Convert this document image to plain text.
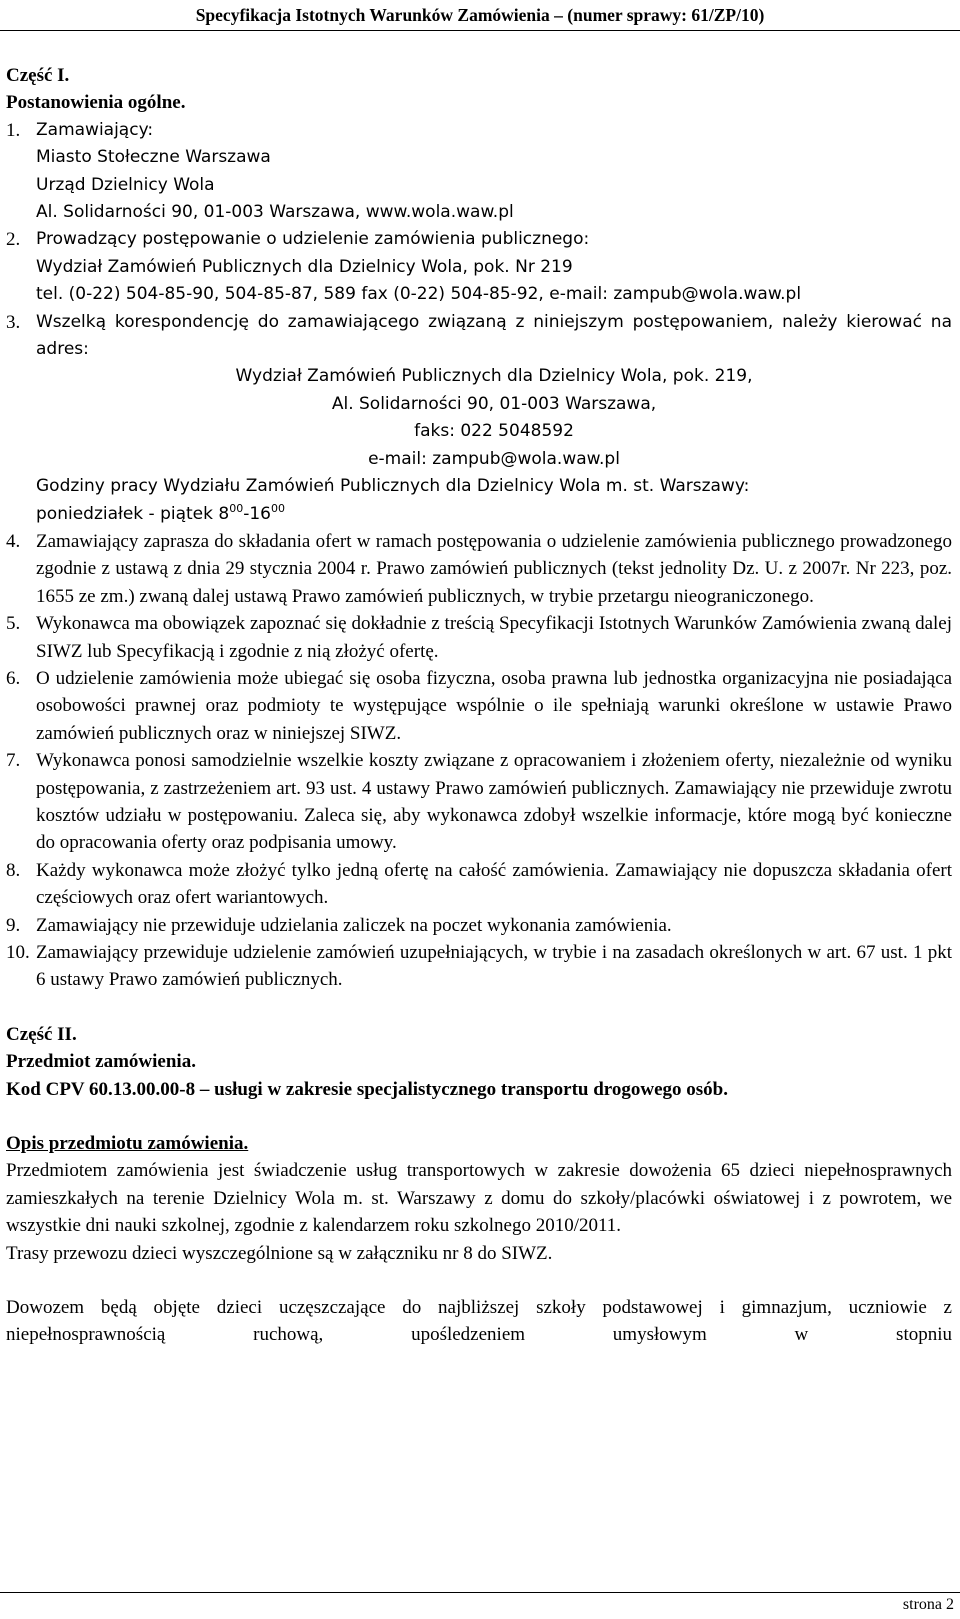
Specyfikacja Istotnych Warunków Zamówienia – (numer sprawy: 61/ZP/10)
Część I.
Postanowienia ogólne.
1. Zamawiający:
Miasto Stołeczne Warszawa
Urząd Dzielnicy Wola
Al. Solidarności 90, 01-003 Warszawa, www.wola.waw.pl
2. Prowadzący postępowanie o udzielenie zamówienia publicznego:
Wydział Zamówień Publicznych dla Dzielnicy Wola, pok. Nr 219
tel. (0-22) 504-85-90, 504-85-87, 589 fax (0-22) 504-85-92, e-mail: zampub@wola.waw.pl
3. Wszelką korespondencję do zamawiającego związaną z niniejszym postępowaniem, należy kierować na adres:
Wydział Zamówień Publicznych dla Dzielnicy Wola, pok. 219,
Al. Solidarności 90, 01-003 Warszawa,
faks: 022 5048592
e-mail: zampub@wola.waw.pl
Godziny pracy Wydziału Zamówień Publicznych dla Dzielnicy Wola m. st. Warszawy:
poniedziałek - piątek $8^{00}-16^{00}$
4. Zamawiający zaprasza do składania ofert w ramach postępowania o udzielenie zamówienia publicznego prowadzonego zgodnie z ustawą z dnia 29 stycznia 2004 r. Prawo zamówień publicznych (tekst jednolity Dz. U. z 2007r. Nr 223, poz. 1655 ze zm.) zwaną dalej ustawą Prawo zamówień publicznych, w trybie przetargu nieograniczonego.
5. Wykonawca ma obowiązek zapoznać się dokładnie z treścią Specyfikacji Istotnych Warunków Zamówienia zwaną dalej SIWZ lub Specyfikacją i zgodnie z nią złożyć ofertę.
6. O udzielenie zamówienia może ubiegać się osoba fizyczna, osoba prawna lub jednostka organizacyjna nie posiadająca osobowości prawnej oraz podmioty te występujące wspólnie o ile spełniają warunki określone w ustawie Prawo zamówień publicznych oraz w niniejszej SIWZ.
7. Wykonawca ponosi samodzielnie wszelkie koszty związane z opracowaniem i złożeniem oferty, niezależnie od wyniku postępowania, z zastrzeżeniem art. 93 ust. 4 ustawy Prawo zamówień publicznych. Zamawiający nie przewiduje zwrotu kosztów udziału w postępowaniu. Zaleca się, aby wykonawca zdobył wszelkie informacje, które mogą być konieczne do opracowania oferty oraz podpisania umowy.
8. Każdy wykonawca może złożyć tylko jedną ofertę na całość zamówienia. Zamawiający nie dopuszcza składania ofert częściowych oraz ofert wariantowych.
9. Zamawiający nie przewiduje udzielania zaliczek na poczet wykonania zamówienia.
10. Zamawiający przewiduje udzielenie zamówień uzupełniających, w trybie i na zasadach określonych w art. 67 ust. 1 pkt 6 ustawy Prawo zamówień publicznych.
Część II.
Przedmiot zamówienia.
Kod CPV 60.13.00.00-8 – usługi w zakresie specjalistycznego transportu drogowego osób.
Opis przedmiotu zamówienia.
Przedmiotem zamówienia jest świadczenie usług transportowych w zakresie dowożenia 65 dzieci niepełnosprawnych zamieszkałych na terenie Dzielnicy Wola m. st. Warszawy z domu do szkoły/placówki oświatowej i z powrotem, we wszystkie dni nauki szkolnej, zgodnie z kalendarzem roku szkolnego 2010/2011.
Trasy przewozu dzieci wyszczególnione są w załączniku nr 8 do SIWZ.
Dowozem będą objęte dzieci uczęszczające do najbliższej szkoły podstawowej i gimnazjum, uczniowie z niepełnosprawnością ruchową, upośledzeniem umysłowym w stopniu
strona 2
